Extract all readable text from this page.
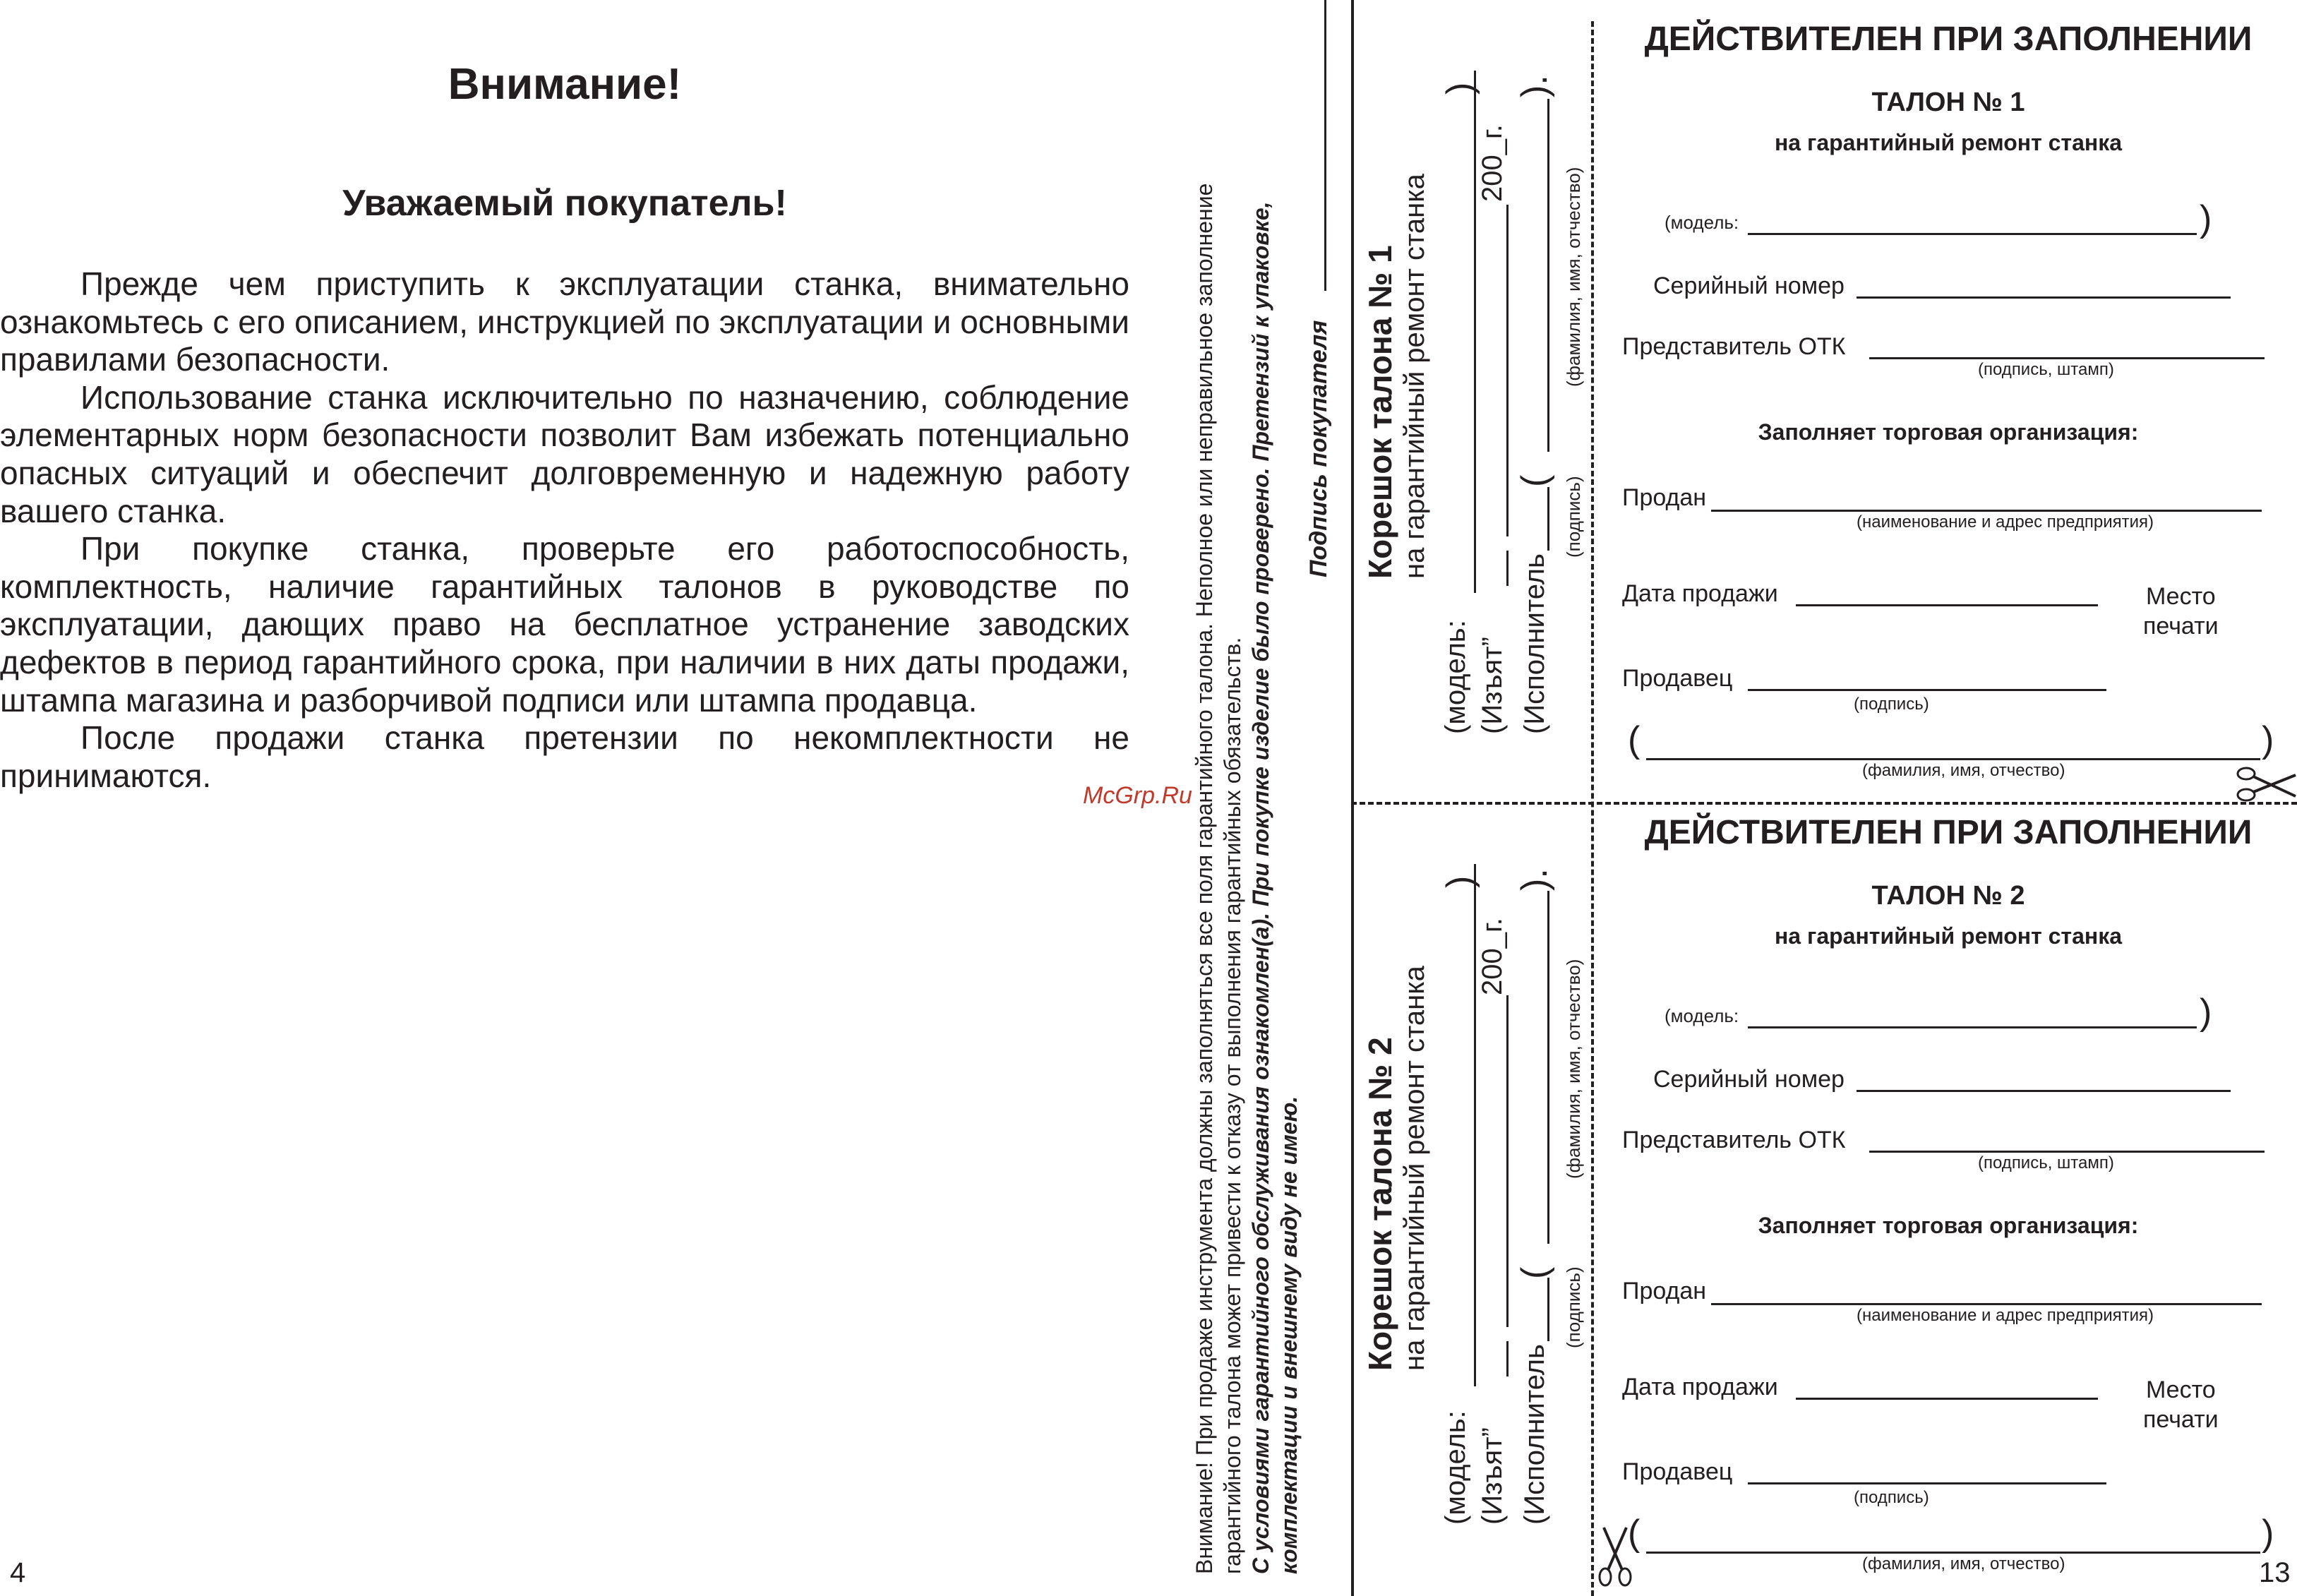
Внимание!
Уважаемый покупатель!

Прежде чем приступить к эксплуатации станка, внимательно ознакомьтесь с его описанием, инструкцией по эксплуатации и основными правилами безопасности.

Использование станка исключительно по назначению, соблюдение элементарных норм безопасности позволит Вам избежать потенциально опасных ситуаций и обеспечит долговременную и надежную работу вашего станка.

При покупке станка, проверьте его работоспособность, комплектность, наличие гарантийных талонов в руководстве по эксплуатации, дающих право на бесплатное устранение заводских дефектов в период гарантийного срока, при наличии в них даты продажи, штампа магазина и разборчивой подписи или штампа продавца.

После продажи станка претензии по некомплектности не принимаются.

4
McGrp.Ru Внимание! При продаже инструмента должны заполняться все поля гарантийного талона. Неполное или неправильное заполнение гарантийного талона может привести к отказу от выполнения гарантийных обязательств. С условиями гарантийного обслуживания ознакомлен(а). При покупке изделие было проверено. Претензий к упаковке, комплектации и внешнему виду не имею.
Подпись покупателя Корешок талона № 1 на гарантийный ремонт станка
(модель:
)
(Изъят”
200_г.
(Исполнитель
(
).
(подпись)
(фамилия, имя, отчество)
Корешок талона № 2 на гарантийный ремонт станка
(модель:
)
(Изъят”
200_г.
(Исполнитель
(
).
(подпись)
(фамилия, имя, отчество)
ДЕЙСТВИТЕЛЕН ПРИ ЗАПОЛНЕНИИ
ТАЛОН № 1
на гарантийный ремонт станка
(модель:	)
Серийный номер
Представитель ОТК
(подпись, штамп)
Заполняет торговая организация:
Продан
(наименование и адрес предприятия)
Дата продажи	Место
печати
Продавец
(подпись)
(	)
(фамилия, имя, отчество)
ДЕЙСТВИТЕЛЕН ПРИ ЗАПОЛНЕНИИ
ТАЛОН № 2
на гарантийный ремонт станка
(модель:	)
Серийный номер
Представитель ОТК
(подпись, штамп)
Заполняет торговая организация:
Продан
(наименование и адрес предприятия)
Дата продажи	Место
печати
Продавец
(подпись)
(	)
(фамилия, имя, отчество)	13
